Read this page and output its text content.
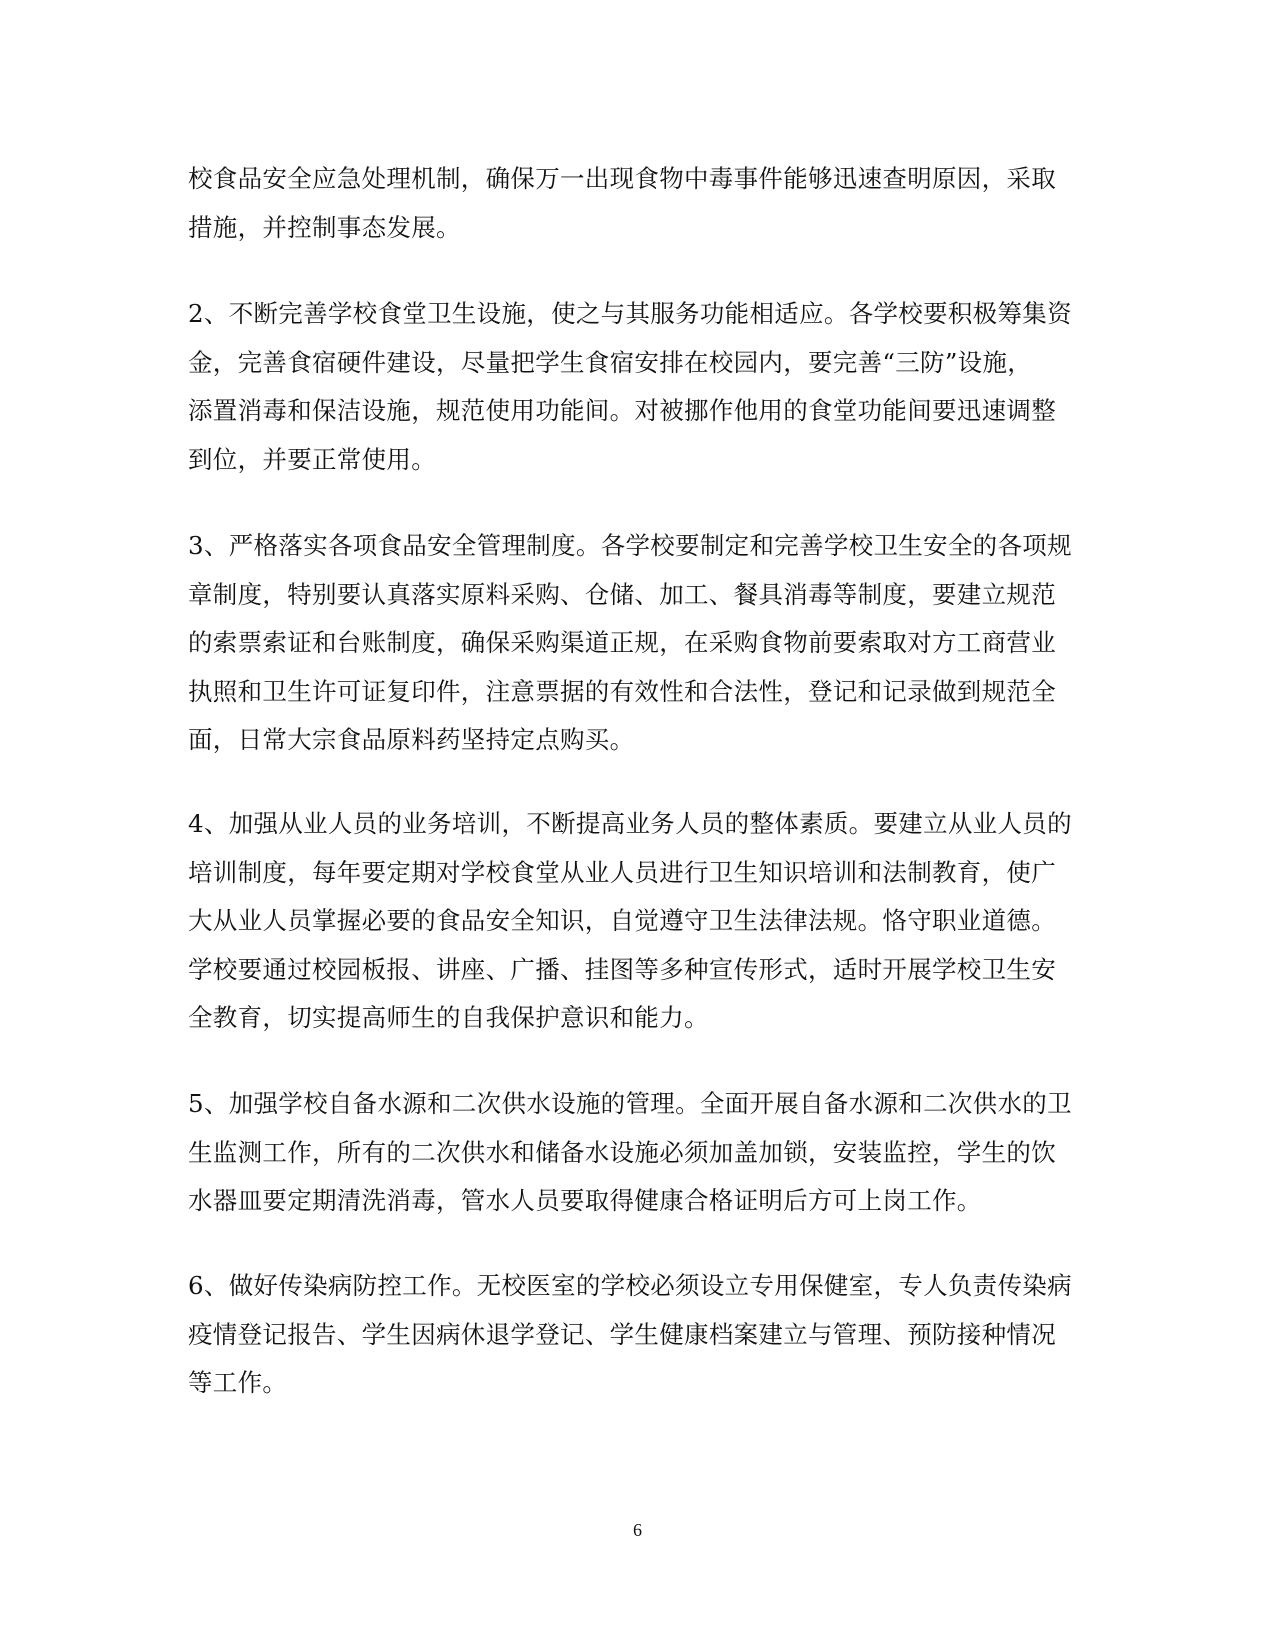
校食品安全应急处理机制，确保万一出现食物中毒事件能够迅速查明原因，采取
措施，并控制事态发展。
2、不断完善学校食堂卫生设施，使之与其服务功能相适应。各学校要积极筹集资
金，完善食宿硬件建设，尽量把学生食宿安排在校园内，要完善“三防”设施，
添置消毒和保洁设施，规范使用功能间。对被挪作他用的食堂功能间要迅速调整
到位，并要正常使用。
3、严格落实各项食品安全管理制度。各学校要制定和完善学校卫生安全的各项规
章制度，特别要认真落实原料采购、仓储、加工、餐具消毒等制度，要建立规范
的索票索证和台账制度，确保采购渠道正规，在采购食物前要索取对方工商营业
执照和卫生许可证复印件，注意票据的有效性和合法性，登记和记录做到规范全
面，日常大宗食品原料药坚持定点购买。
4、加强从业人员的业务培训，不断提高业务人员的整体素质。要建立从业人员的
培训制度，每年要定期对学校食堂从业人员进行卫生知识培训和法制教育，使广
大从业人员掌握必要的食品安全知识，自觉遵守卫生法律法规。恪守职业道德。
学校要通过校园板报、讲座、广播、挂图等多种宣传形式，适时开展学校卫生安
全教育，切实提高师生的自我保护意识和能力。
5、加强学校自备水源和二次供水设施的管理。全面开展自备水源和二次供水的卫
生监测工作，所有的二次供水和储备水设施必须加盖加锁，安装监控，学生的饮
水器皿要定期清洗消毒，管水人员要取得健康合格证明后方可上岗工作。
6、做好传染病防控工作。无校医室的学校必须设立专用保健室，专人负责传染病
疫情登记报告、学生因病休退学登记、学生健康档案建立与管理、预防接种情况
等工作。
6
